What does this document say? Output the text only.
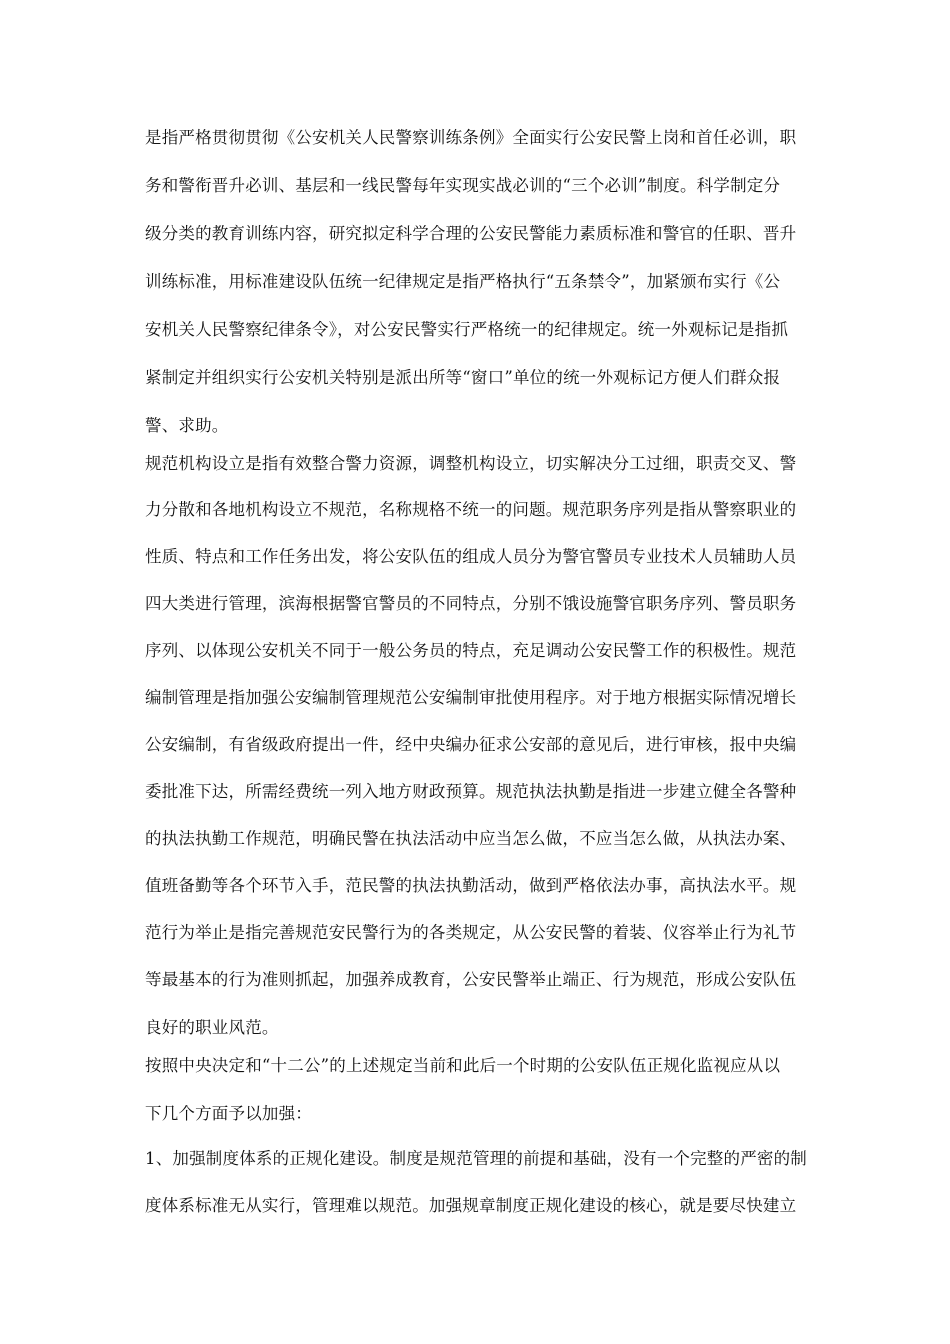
是指严格贯彻贯彻《公安机关人民警察训练条例》全面实行公安民警上岗和首任必训，职
务和警衔晋升必训、基层和一线民警每年实现实战必训的“三个必训”制度。科学制定分
级分类的教育训练内容，研究拟定科学合理的公安民警能力素质标准和警官的任职、晋升
训练标准，用标准建设队伍统一纪律规定是指严格执行“五条禁令”，加紧颁布实行《公
安机关人民警察纪律条令》，对公安民警实行严格统一的纪律规定。统一外观标记是指抓
紧制定并组织实行公安机关特别是派出所等“窗口”单位的统一外观标记方便人们群众报
警、求助。
规范机构设立是指有效整合警力资源，调整机构设立，切实解决分工过细，职责交叉、警
力分散和各地机构设立不规范，名称规格不统一的问题。规范职务序列是指从警察职业的
性质、特点和工作任务出发，将公安队伍的组成人员分为警官警员专业技术人员辅助人员
四大类进行管理，滨海根据警官警员的不同特点，分别不饿设施警官职务序列、警员职务
序列、以体现公安机关不同于一般公务员的特点，充足调动公安民警工作的积极性。规范
编制管理是指加强公安编制管理规范公安编制审批使用程序。对于地方根据实际情况增长
公安编制，有省级政府提出一件，经中央编办征求公安部的意见后，进行审核，报中央编
委批准下达，所需经费统一列入地方财政预算。规范执法执勤是指进一步建立健全各警种
的执法执勤工作规范，明确民警在执法活动中应当怎么做，不应当怎么做，从执法办案、
值班备勤等各个环节入手，范民警的执法执勤活动，做到严格依法办事，高执法水平。规
范行为举止是指完善规范安民警行为的各类规定，从公安民警的着装、仪容举止行为礼节
等最基本的行为准则抓起，加强养成教育，公安民警举止端正、行为规范，形成公安队伍
良好的职业风范。
按照中央决定和“十二公”的上述规定当前和此后一个时期的公安队伍正规化监视应从以
下几个方面予以加强：
1、加强制度体系的正规化建设。制度是规范管理的前提和基础，没有一个完整的严密的制
度体系标准无从实行，管理难以规范。加强规章制度正规化建设的核心，就是要尽快建立
